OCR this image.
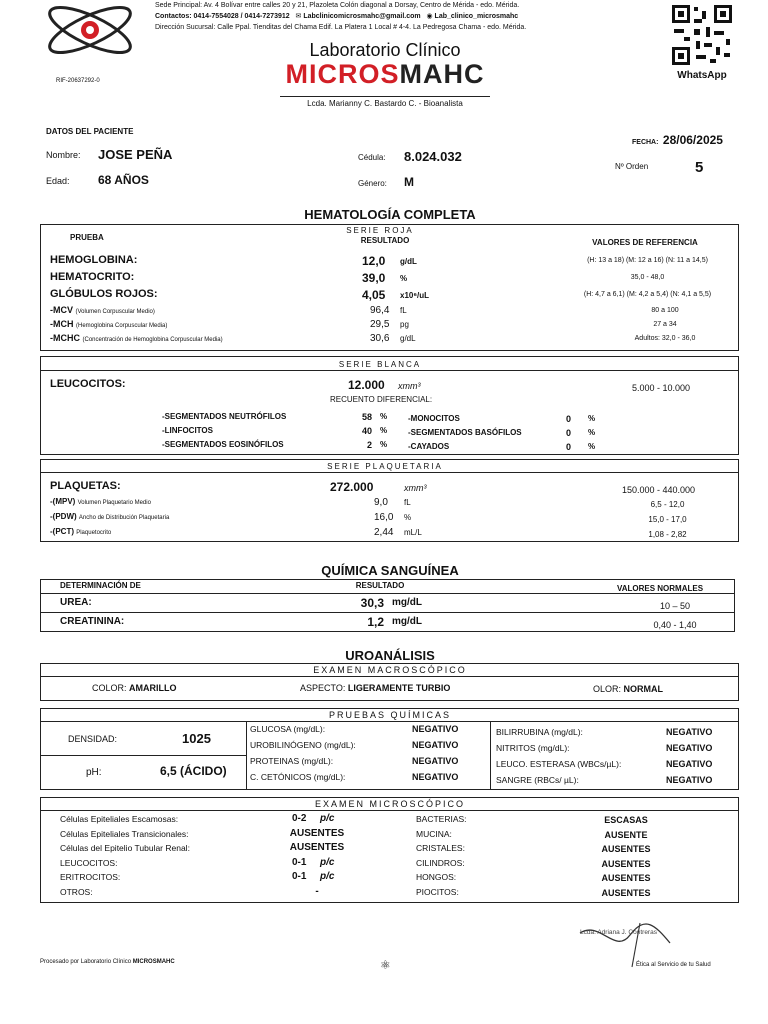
RIF-20637292-0
Sede Principal: Av. 4 Bolívar entre calles 20 y 21, Plazoleta Colón diagonal a Dorsay, Centro de Mérida - edo. Mérida.
Contactos: 0414-7554028 / 0414-7273912 ✉ Labclinicomicrosmahc@gmail.com ◉ Lab_clinico_microsmahc
Dirección Sucursal: Calle Ppal. Tienditas del Chama Edif. La Platera 1 Local # 4-4. La Pedregosa Chama - edo. Mérida.
Laboratorio Clínico
MICROSMAHC
Lcda. Marianny C. Bastardo C. - Bioanalista
WhatsApp
DATOS DEL PACIENTE
FECHA: 28/06/2025
Nombre: JOSE PEÑA	Cédula: 8.024.032
Nº Orden	5
Edad: 68 AÑOS	Género: M
HEMATOLOGÍA COMPLETA
SERIE ROJA
PRUEBA	RESULTADO	VALORES DE REFERENCIA
SERIE BLANCA
LEUCOCITOS:	12.000 xmm³	5.000 - 10.000
RECUENTO DIFERENCIAL:
SERIE PLAQUETARIA
PLAQUETAS:	272.000	xmm³	150.000 - 440.000
QUÍMICA SANGUÍNEA
DETERMINACIÓN DE	RESULTADO	VALORES NORMALES
UROANÁLISIS
EXAMEN MACROSCÓPICO
COLOR: AMARILLO	ASPECTO: LIGERAMENTE TURBIO	OLOR: NORMAL
PRUEBAS QUÍMICAS
DENSIDAD:	1025
pH:	6,5 (ÁCIDO)
EXAMEN MICROSCÓPICO
Procesado por Laboratorio Clínico MICROSMAHC	⚛
Lcda. Adriana J. Contreras
Ética al Servicio de tu Salud
HEMOGLOBINA:	12,0 g/dL	(H: 13 a 18) (M: 12 a 16) (N: 11 a 14,5)
HEMATOCRITO:	39,0 %	35,0 - 48,0
GLÓBULOS ROJOS:	4,05 x10⁶/uL	(H: 4,7 a 6,1) (M: 4,2 a 5,4) (N: 4,1 a 5,5)
-MCV (Volumen Corpuscular Medio)	96,4 fL	80 a 100
-MCH (Hemoglobina Corpuscular Media)	29,5 pg	27 a 34
-MCHC (Concentración de Hemoglobina Corpuscular Media)	30,6 g/dL	Adultos: 32,0 - 36,0
-SEGMENTADOS NEUTRÓFILOS	58 %
-LINFOCITOS	40 %
-SEGMENTADOS EOSINÓFILOS	2 %
-MONOCITOS	0 %
-SEGMENTADOS BASÓFILOS	0 %
-CAYADOS	0 %
-(MPV) Volumen Plaquetario Medio	9,0 fL	6,5 - 12,0
-(PDW) Ancho de Distribución Plaquetaria	16,0 %	15,0 - 17,0
-(PCT) Plaquetocrito	2,44 mL/L	1,08 - 2,82
UREA:	30,3 mg/dL	10 – 50
CREATININA:	1,2 mg/dL	0,40 - 1,40
GLUCOSA (mg/dL):	NEGATIVO
UROBILINÓGENO (mg/dL):	NEGATIVO
PROTEINAS (mg/dL):	NEGATIVO
C. CETÓNICOS (mg/dL):	NEGATIVO
BILIRRUBINA (mg/dL):	NEGATIVO
NITRITOS (mg/dL):	NEGATIVO
LEUCO. ESTERASA (WBCs/µL):	NEGATIVO
SANGRE (RBCs/ µL):	NEGATIVO
Células Epiteliales Escamosas:	0-2	p/c
Células Epiteliales Transicionales:	AUSENTES
Células del Epitelio Tubular Renal:	AUSENTES
LEUCOCITOS:	0-1	p/c
ERITROCITOS:	0-1	p/c
OTROS:	-
BACTERIAS:	ESCASAS
MUCINA:	AUSENTE
CRISTALES:	AUSENTES
CILINDROS:	AUSENTES
HONGOS:	AUSENTES
PIOCITOS:	AUSENTES
